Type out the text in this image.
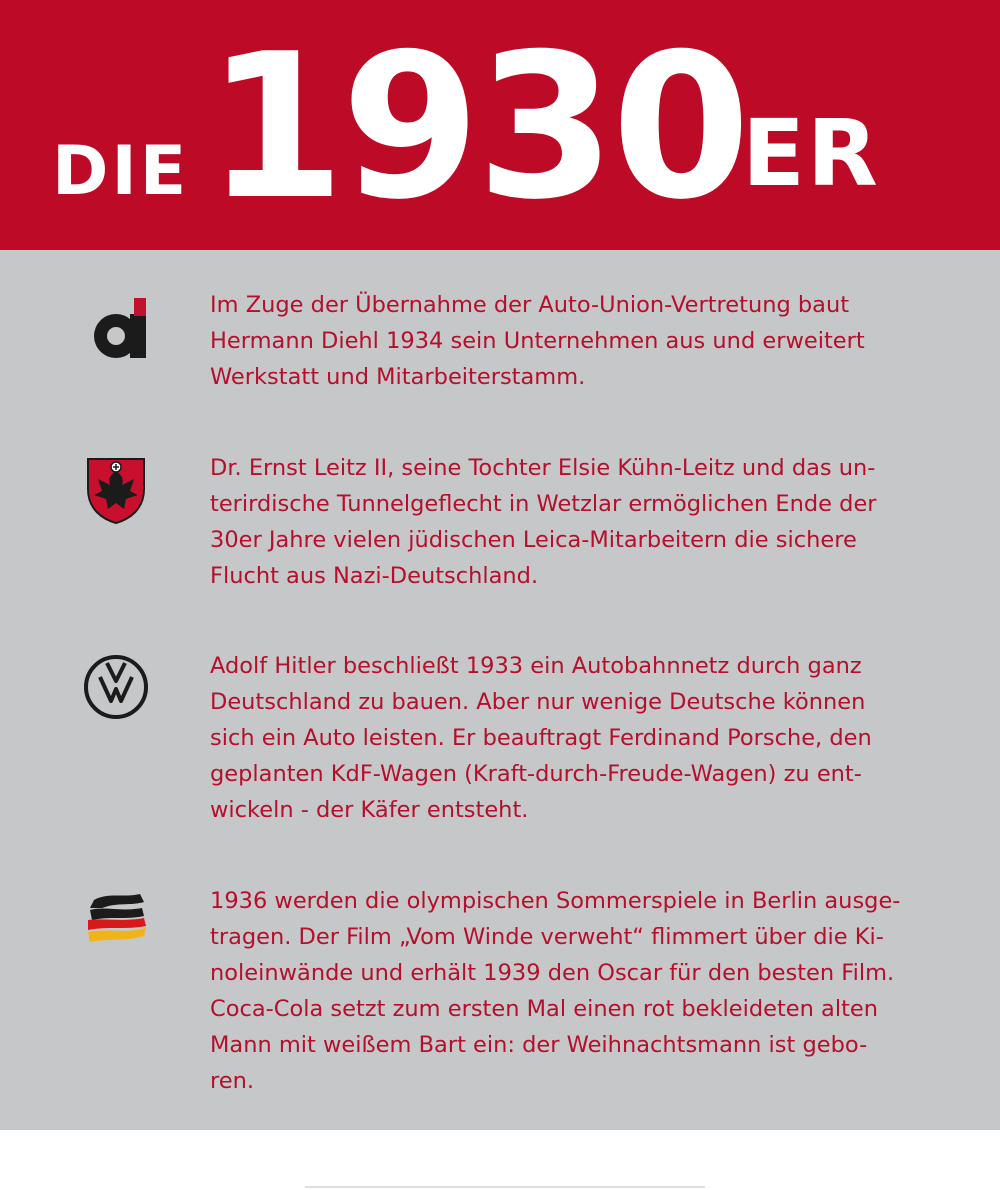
DIE 1930
'ER

Im Zuge der Übernahme der Auto-Union-Vertretung baut
Hermann Diehl 1934 sein Unternehmen aus und erweitert
Werkstatt und Mitarbeiterstamm.

Dr. Ernst Leitz II, seine Tochter Elsie Kühn-Leitz und das un-
terirdische Tunnelgeflecht in Wetzlar ermöglichen Ende der
30er Jahre vielen jüdischen Leica-Mitarbeitern die sichere
Flucht aus Nazi-Deutschland.

Adolf Hitler beschließt 1933 ein Autobahnnetz durch ganz
Deutschland zu bauen. Aber nur wenige Deutsche können
sich ein Auto leisten. Er beauftragt Ferdinand Porsche, den
geplanten KdF-Wagen (Kraft-durch-Freude-Wagen) zu ent-
wickeln - der Käfer entsteht.

1936 werden die olympischen Sommerspiele in Berlin ausge-
tragen. Der Film „Vom Winde verweht“ flimmert über die Ki-
noleinwände und erhält 1939 den Oscar für den besten Film.
Coca-Cola setzt zum ersten Mal einen rot bekleideten alten
Mann mit weißem Bart ein: der Weihnachtsmann ist gebo-
ren.
